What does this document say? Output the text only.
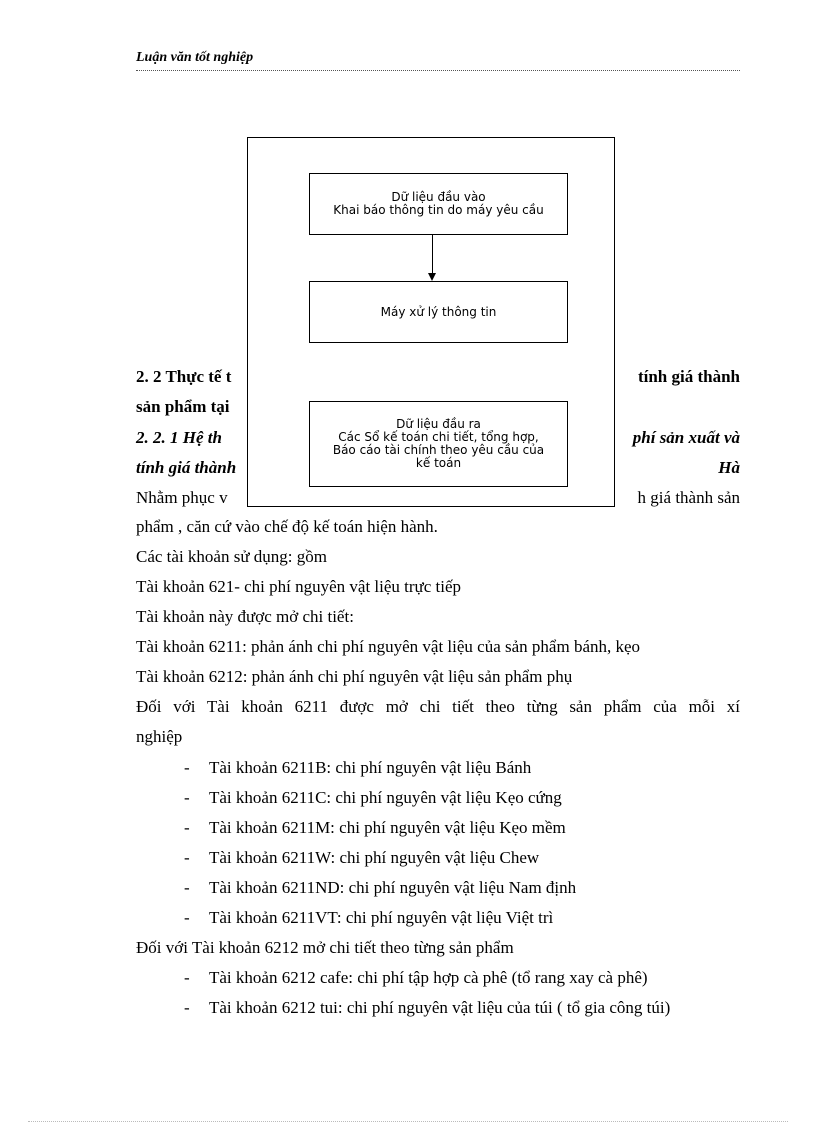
Luận văn tốt nghiệp
2. 2 Thực tế t	tính giá thành
sản phẩm tại
2. 2. 1 Hệ th	phí sản xuất và
tính giá thành	Hà
Nhằm phục v	h giá thành sản
phẩm , căn cứ vào chế độ kế toán hiện hành.
Các tài khoản sử dụng: gồm
Tài khoản 621- chi phí nguyên vật liệu trực tiếp
Tài khoản này được mở chi tiết:
Tài khoản 6211: phản ánh chi phí nguyên vật liệu của sản phẩm bánh, kẹo
Tài khoản 6212: phản ánh chi phí nguyên vật liệu sản phẩm phụ
Đối với Tài khoản 6211 được mở chi tiết theo từng sản phẩm của mỗi xí
nghiệp
- Tài khoản 6211B: chi phí nguyên vật liệu Bánh
- Tài khoản 6211C: chi phí nguyên vật liệu Kẹo cứng
- Tài khoản 6211M: chi phí nguyên vật liệu Kẹo mềm
- Tài khoản 6211W: chi phí nguyên vật liệu Chew
- Tài khoản 6211ND: chi phí nguyên vật liệu Nam định
- Tài khoản 6211VT: chi phí nguyên vật liệu Việt trì
Đối với Tài khoản 6212 mở chi tiết theo từng sản phẩm
- Tài khoản 6212 cafe: chi phí tập hợp cà phê (tổ rang xay cà phê)
- Tài khoản 6212 tui: chi phí nguyên vật liệu của túi ( tổ gia công túi)
Dữ liệu đầu vào
Khai báo thông tin do máy yêu cầu
Máy xử lý thông tin
Dữ liệu đầu ra
Các Sổ kế toán chi tiết, tổng hợp,
Báo cáo tài chính theo yêu cầu của
kế toán
